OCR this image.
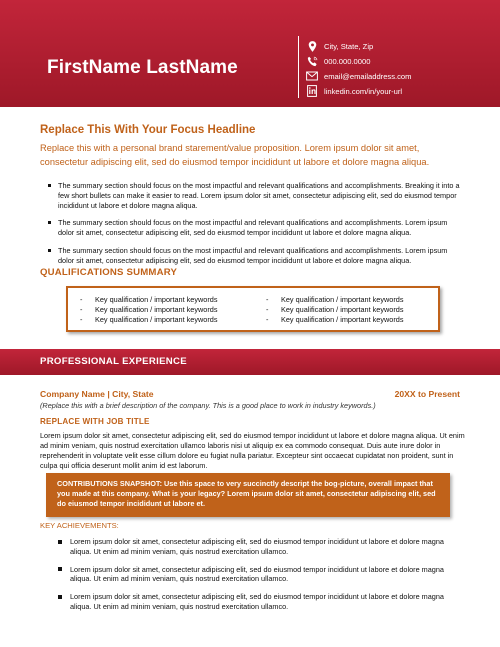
FirstName LastName
City, State, Zip
000.000.0000
email@emailaddress.com
linkedin.com/in/your-url
Replace This With Your Focus Headline
Replace this with a personal brand starement/value proposition. Lorem ipsum dolor sit amet, consectetur adipiscing elit, sed do eiusmod tempor incididunt ut labore et dolore magna aliqua.
The summary section should focus on the most impactful and relevant qualifications and accomplishments. Breaking it into a few short bullets can make it easier to read. Lorem ipsum dolor sit amet, consectetur adipiscing elit, sed do eiusmod tempor incididunt ut labore et dolore magna aliqua.
The summary section should focus on the most impactful and relevant qualifications and accomplishments. Lorem ipsum dolor sit amet, consectetur adipiscing elit, sed do eiusmod tempor incididunt ut labore et dolore magna aliqua.
The summary section should focus on the most impactful and relevant qualifications and accomplishments. Lorem ipsum dolor sit amet, consectetur adipiscing elit, sed do eiusmod tempor incididunt ut labore et dolore magna aliqua.
QUALIFICATIONS SUMMARY
-	Key qualification / important keywords
-	Key qualification / important keywords
-	Key qualification / important keywords
-	Key qualification / important keywords
-	Key qualification / important keywords
-	Key qualification / important keywords
PROFESSIONAL EXPERIENCE
Company Name | City, State	20XX to Present
(Replace this with a brief description of the company. This is a good place to work in industry keywords.)
REPLACE WITH JOB TITLE
Lorem ipsum dolor sit amet, consectetur adipiscing elit, sed do eiusmod tempor incididunt ut labore et dolore magna aliqua. Ut enim ad minim veniam, quis nostrud exercitation ullamco laboris nisi ut aliquip ex ea commodo consequat. Duis aute irure dolor in reprehenderit in voluptate velit esse cillum dolore eu fugiat nulla pariatur. Excepteur sint occaecat cupidatat non proident, sunt in culpa qui officia deserunt mollit anim id est laborum.
CONTRIBUTIONS SNAPSHOT: Use this space to very succinctly descript the bog-picture, overall impact that you made at this company. What is your legacy? Lorem ipsum dolor sit amet, consectetur adipiscing elit, sed do eiusmod tempor incididunt ut labore et.
KEY ACHIEVEMENTS:
Lorem ipsum dolor sit amet, consectetur adipiscing elit, sed do eiusmod tempor incididunt ut labore et dolore magna aliqua. Ut enim ad minim veniam, quis nostrud exercitation ullamco.
Lorem ipsum dolor sit amet, consectetur adipiscing elit, sed do eiusmod tempor incididunt ut labore et dolore magna aliqua. Ut enim ad minim veniam, quis nostrud exercitation ullamco.
Lorem ipsum dolor sit amet, consectetur adipiscing elit, sed do eiusmod tempor incididunt ut labore et dolore magna aliqua. Ut enim ad minim veniam, quis nostrud exercitation ullamco.
